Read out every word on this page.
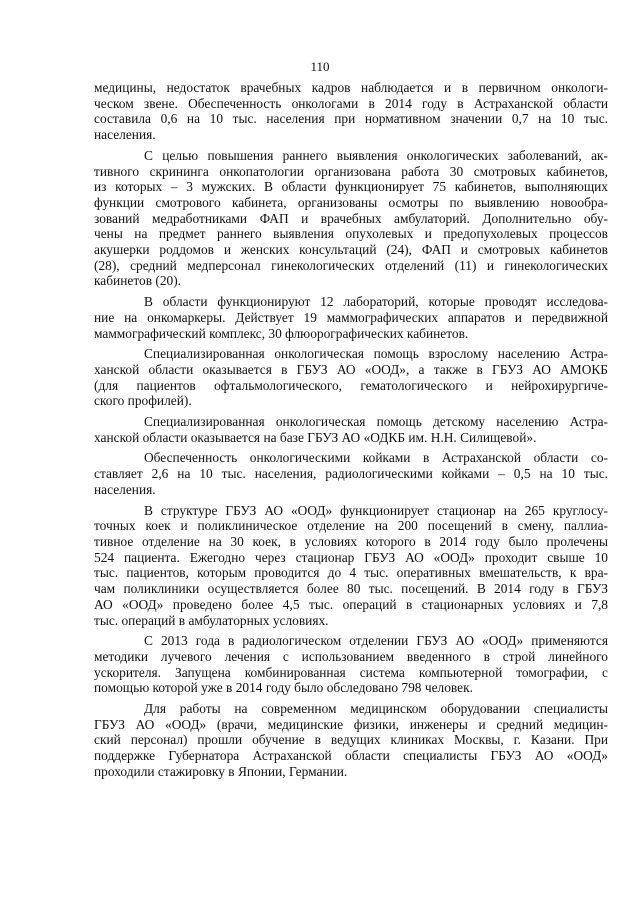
110

медицины, недостаток врачебных кадров наблюдается и в первичном онкологи-
ческом звене. Обеспеченность онкологами в 2014 году в Астраханской области
составила 0,6 на 10 тыс. населения при нормативном значении 0,7 на 10 тыс.
населения.

С целью повышения раннего выявления онкологических заболеваний, ак-
тивного скрининга онкопатологии организована работа 30 смотровых кабинетов,
из которых – 3 мужских. В области функционирует 75 кабинетов, выполняющих
функции смотрового кабинета, организованы осмотры по выявлению новообра-
зований медработниками ФАП и врачебных амбулаторий. Дополнительно обу-
чены на предмет раннего выявления опухолевых и предопухолевых процессов
акушерки роддомов и женских консультаций (24), ФАП и смотровых кабинетов
(28), средний медперсонал гинекологических отделений (11) и гинекологических
кабинетов (20).

В области функционируют 12 лабораторий, которые проводят исследова-
ние на онкомаркеры. Действует 19 маммографических аппаратов и передвижной
маммографический комплекс, 30 флюорографических кабинетов.

Специализированная онкологическая помощь взрослому населению Астра-
ханской области оказывается в ГБУЗ АО «ООД», а также в ГБУЗ АО АМОКБ
(для пациентов офтальмологического, гематологического и нейрохирургиче-
ского профилей).

Специализированная онкологическая помощь детскому населению Астра-
ханской области оказывается на базе ГБУЗ АО «ОДКБ им. Н.Н. Силищевой».

Обеспеченность онкологическими койками в Астраханской области со-
ставляет 2,6 на 10 тыс. населения, радиологическими койками – 0,5 на 10 тыс.
населения.

В структуре ГБУЗ АО «ООД» функционирует стационар на 265 круглосу-
точных коек и поликлиническое отделение на 200 посещений в смену, паллиа-
тивное отделение на 30 коек, в условиях которого в 2014 году было пролечены
524 пациента. Ежегодно через стационар ГБУЗ АО «ООД» проходит свыше 10
тыс. пациентов, которым проводится до 4 тыс. оперативных вмешательств, к вра-
чам поликлиники осуществляется более 80 тыс. посещений. В 2014 году в ГБУЗ
АО «ООД» проведено более 4,5 тыс. операций в стационарных условиях и 7,8
тыс. операций в амбулаторных условиях.

С 2013 года в радиологическом отделении ГБУЗ АО «ООД» применяются
методики лучевого лечения с использованием введенного в строй линейного
ускорителя. Запущена комбинированная система компьютерной томографии, с
помощью которой уже в 2014 году было обследовано 798 человек.

Для работы на современном медицинском оборудовании специалисты
ГБУЗ АО «ООД» (врачи, медицинские физики, инженеры и средний медицин-
ский персонал) прошли обучение в ведущих клиниках Москвы, г. Казани. При
поддержке Губернатора Астраханской области специалисты ГБУЗ АО «ООД»
проходили стажировку в Японии, Германии.
